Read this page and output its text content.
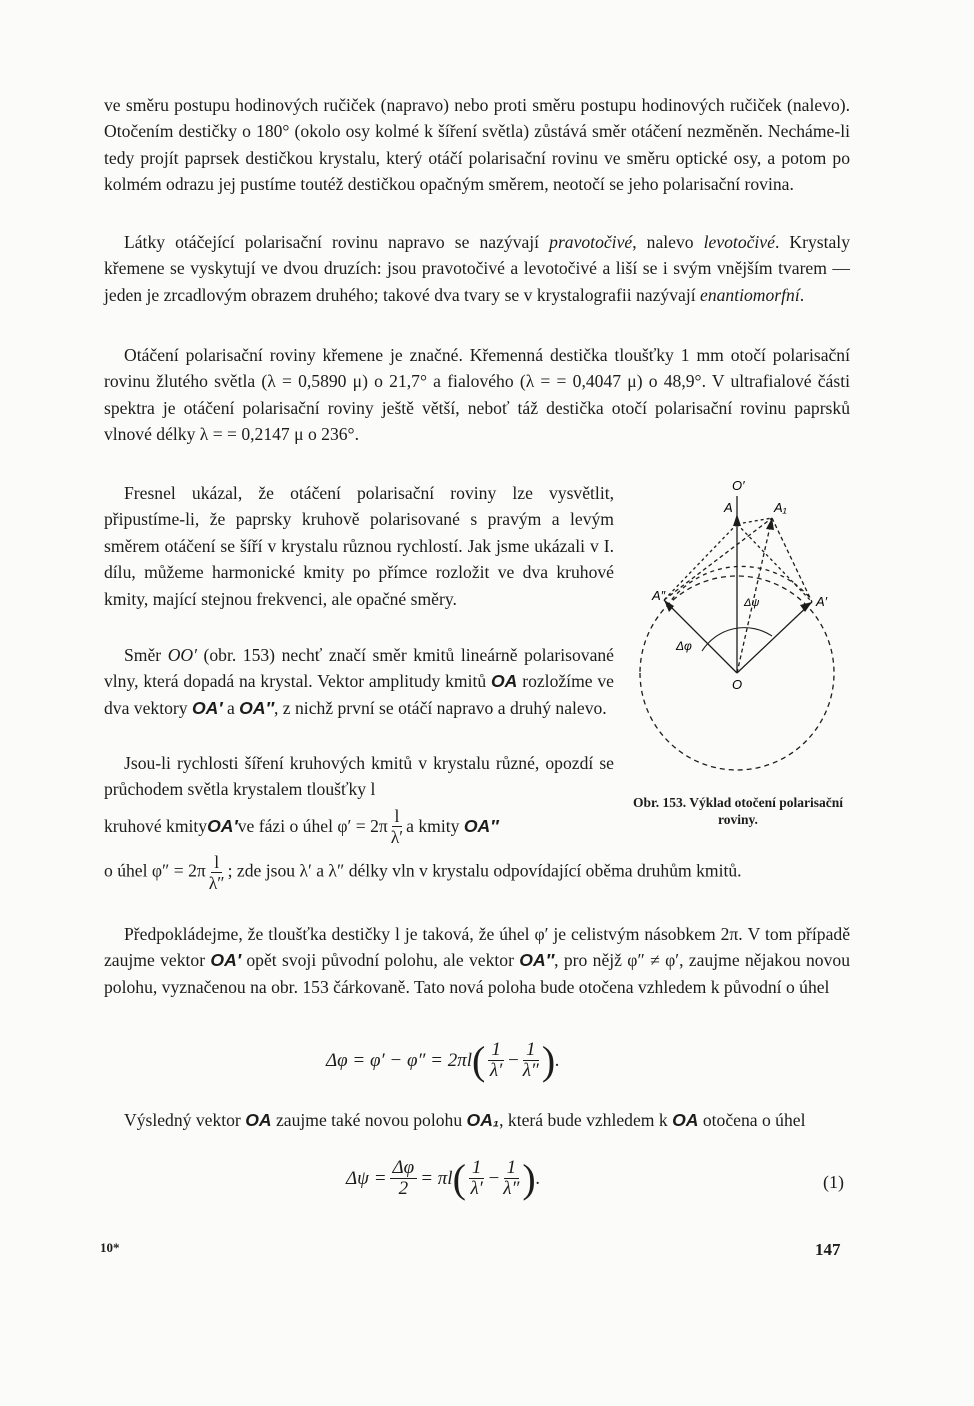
ve směru postupu hodinových ručiček (napravo) nebo proti směru postupu hodinových ručiček (nalevo). Otočením destičky o 180° (okolo osy kolmé k šíření světla) zůstává směr otáčení nezměněn. Necháme-li tedy projít paprsek destičkou krystalu, který otáčí polarisační rovinu ve směru optické osy, a potom po kolmém odrazu jej pustíme toutéž destičkou opačným směrem, neotočí se jeho polarisační rovina.

Látky otáčející polarisační rovinu napravo se nazývají pravotočivé, nalevo levotočivé. Krystaly křemene se vyskytují ve dvou druzích: jsou pravotočivé a levotočivé a liší se i svým vnějším tvarem — jeden je zrcadlovým obrazem druhého; takové dva tvary se v krystalografii nazývají enantiomorfní.

Otáčení polarisační roviny křemene je značné. Křemenná destička tloušťky 1 mm otočí polarisační rovinu žlutého světla (λ = 0,5890 μ) o 21,7° a fialového (λ = = 0,4047 μ) o 48,9°. V ultrafialové části spektra je otáčení polarisační roviny ještě větší, neboť táž destička otočí polarisační rovinu paprsků vlnové délky λ = = 0,2147 μ o 236°.

Fresnel ukázal, že otáčení polarisační roviny lze vysvětlit, připustíme-li, že paprsky kruhově polarisované s pravým a levým směrem otáčení se šíří v krystalu různou rychlostí. Jak jsme ukázali v I. dílu, můžeme harmonické kmity po přímce rozložit ve dva kruhové kmity, mající stejnou frekvenci, ale opačné směry.

Směr OO′ (obr. 153) nechť značí směr kmitů lineárně polarisované vlny, která dopadá na krystal. Vektor amplitudy kmitů OA rozložíme ve dva vektory OA′ a OA″, z nichž první se otáčí napravo a druhý nalevo.

Jsou-li rychlosti šíření kruhových kmitů v krystalu různé, opozdí se průchodem světla krystalem tloušťky l

kruhové kmity OA′ ve fázi o úhel $\varphi' = 2\pi \frac{l}{\lambda'}$ a kmity
OA″
o úhel $\varphi'' = 2\pi \frac{l}{\lambda''}$ ; zde jsou λ′ a λ″ délky vln v krystalu odpovídající oběma druhům kmitů.

Předpokládejme, že tloušťka destičky l je taková, že úhel φ′ je celistvým násobkem 2π. V tom případě zaujme vektor OA′ opět svoji původní polohu, ale vektor OA″, pro nějž φ″ ≠ φ′, zaujme nějakou novou polohu, vyznačenou na obr. 153 čárkovaně. Tato nová poloha bude otočena vzhledem k původní o úhel

Δφ = φ′ − φ″ = 2πl ( $\frac{1}{\lambda'} - \frac{1}{\lambda''}$ ) .

Výsledný vektor OA zaujme také novou polohu OA₁, která bude vzhledem k OA otočena o úhel

$\Delta\psi = \frac{\Delta\varphi}{2} = \pi l$ ( $\frac{1}{\lambda'} - \frac{1}{\lambda''}$ ) .	(1)
O′
A	A₁
A′
A″
O
Δφ
Δψ
Obr. 153. Výklad otočení polarisační roviny.
10*	147
